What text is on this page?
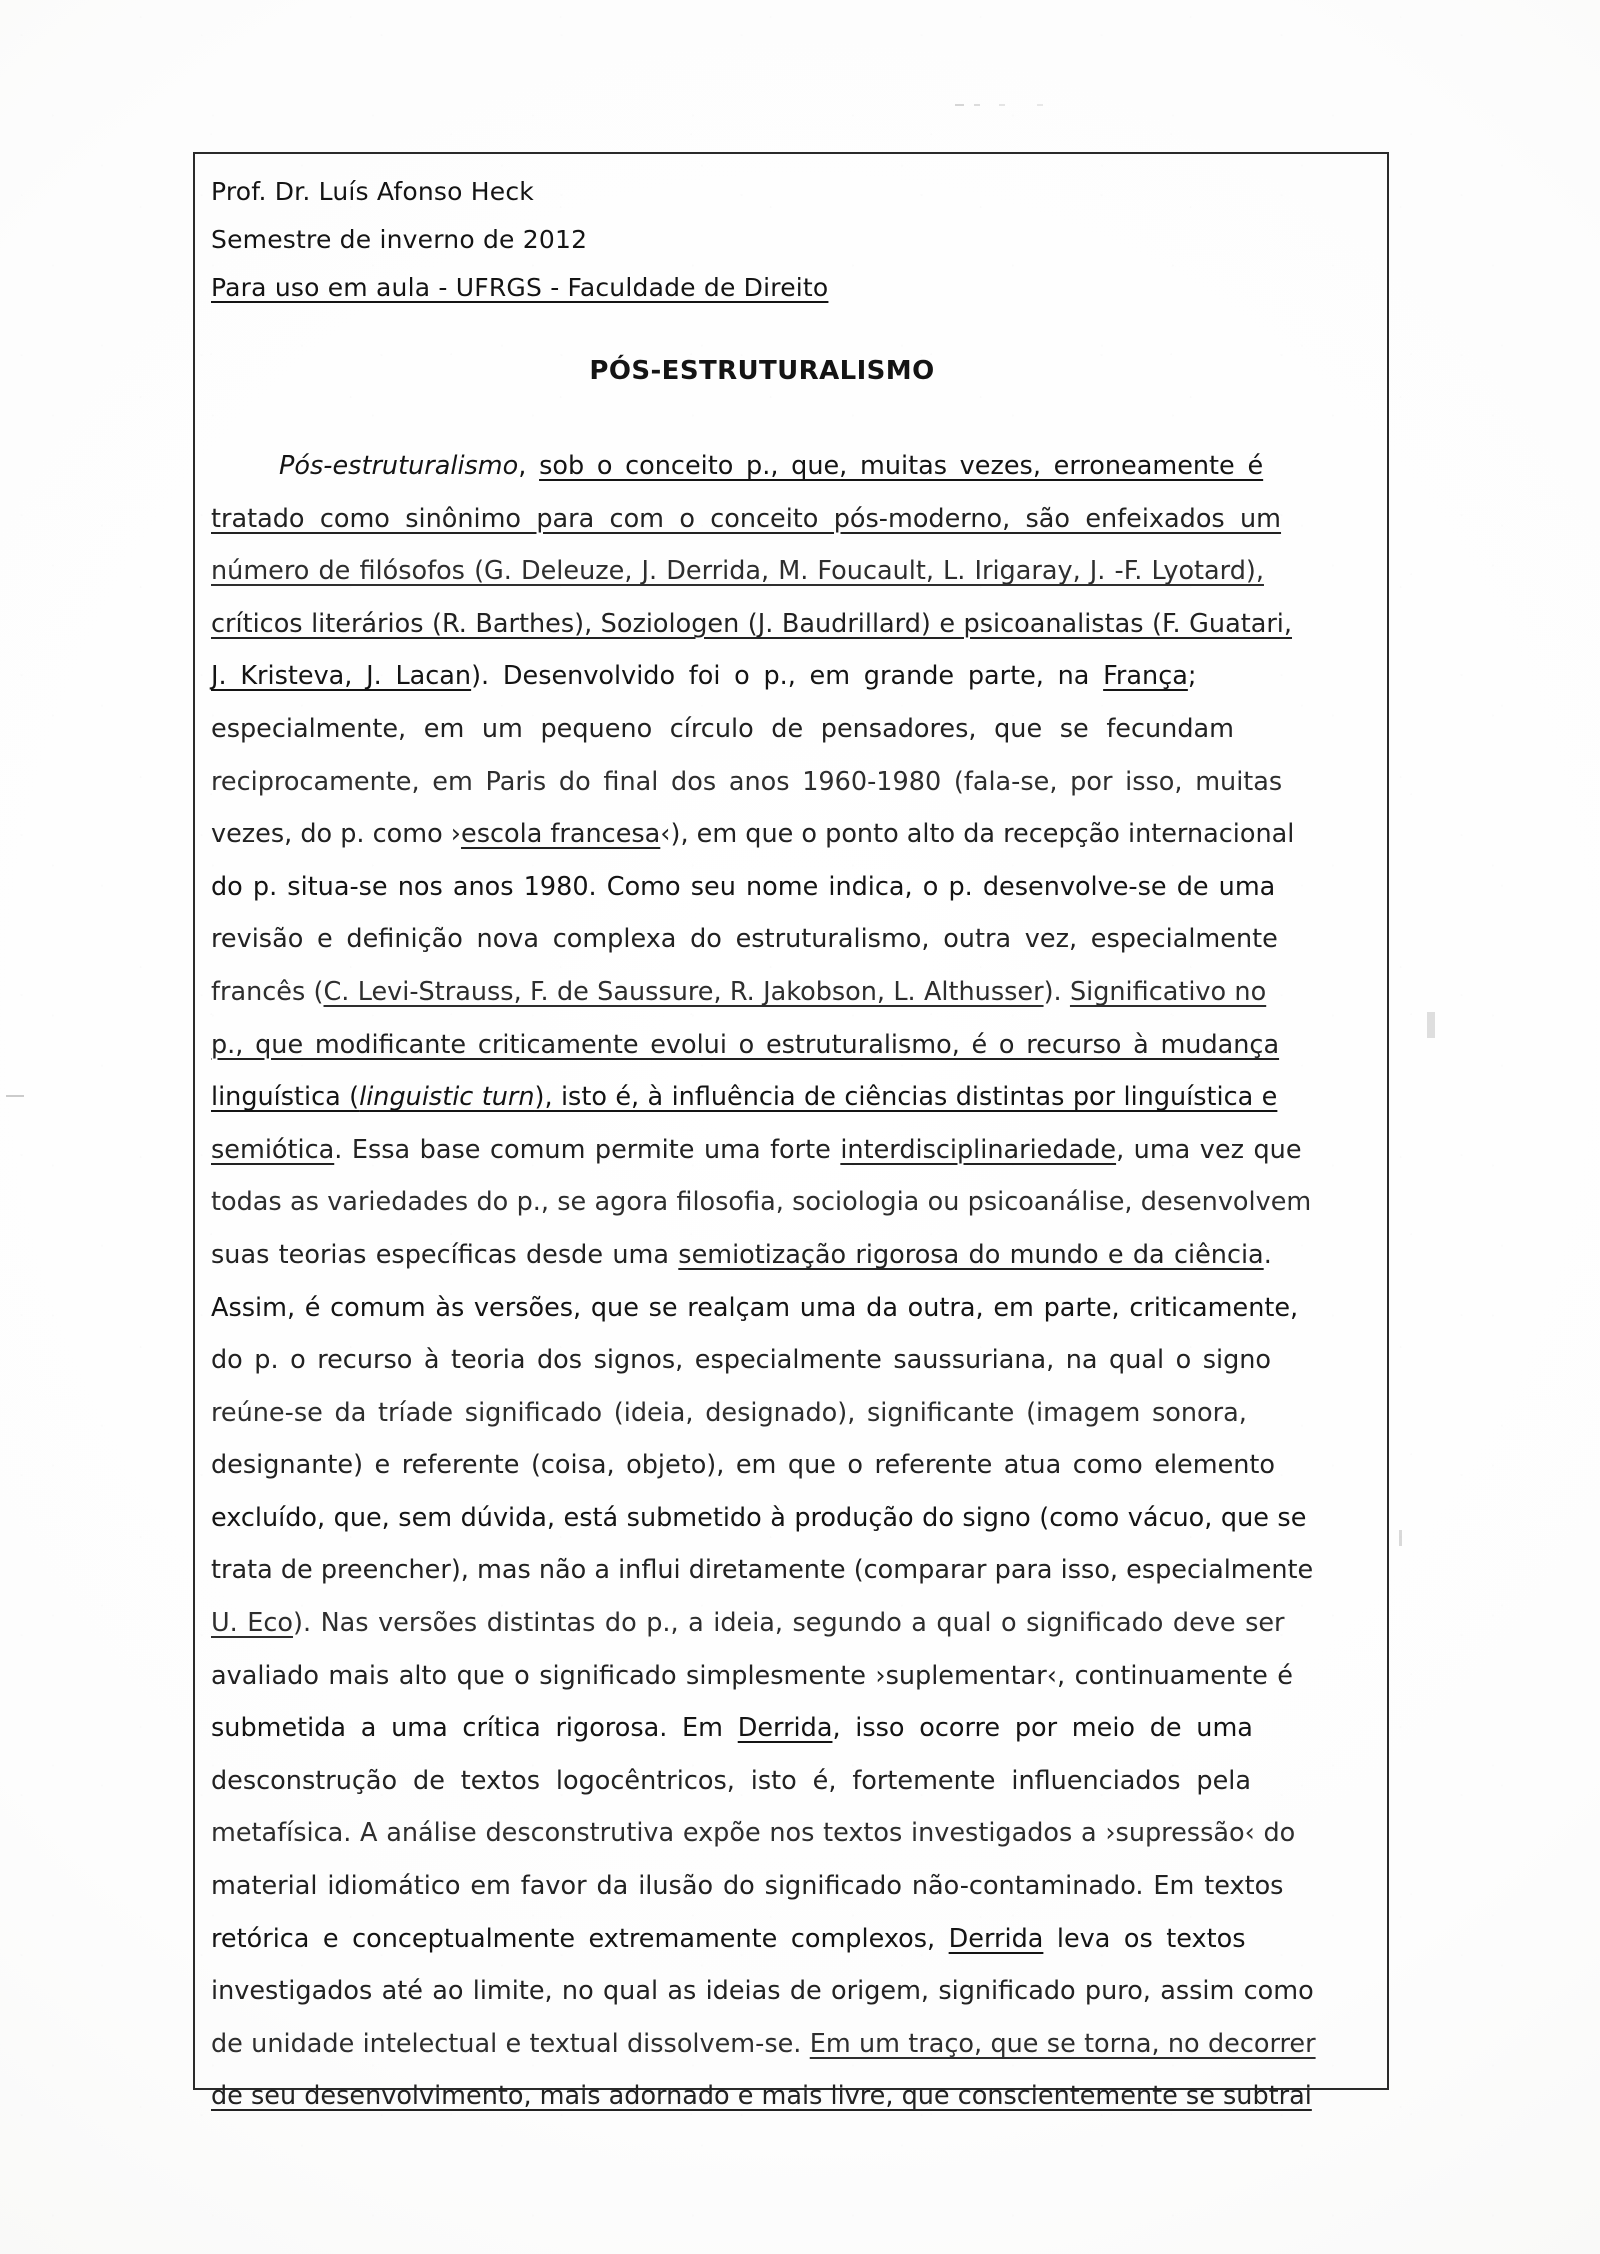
Prof. Dr. Luís Afonso Heck
Semestre de inverno de 2012
Para uso em aula - UFRGS - Faculdade de Direito
PÓS-ESTRUTURALISMO
Pós-estruturalismo, sob o conceito p., que, muitas vezes, erroneamente é
tratado como sinônimo para com o conceito pós-moderno, são enfeixados um
número de filósofos (G. Deleuze, J. Derrida, M. Foucault, L. Irigaray, J. -F. Lyotard),
críticos literários (R. Barthes), Soziologen (J. Baudrillard) e psicoanalistas (F. Guatari,
J. Kristeva, J. Lacan). Desenvolvido foi o p., em grande parte, na França;
especialmente, em um pequeno círculo de pensadores, que se fecundam
reciprocamente, em Paris do final dos anos 1960-1980 (fala-se, por isso, muitas
vezes, do p. como ›escola francesa‹), em que o ponto alto da recepção internacional
do p. situa-se nos anos 1980. Como seu nome indica, o p. desenvolve-se de uma
revisão e definição nova complexa do estruturalismo, outra vez, especialmente
francês (C. Levi-Strauss, F. de Saussure, R. Jakobson, L. Althusser). Significativo no
p., que modificante criticamente evolui o estruturalismo, é o recurso à mudança
linguística (linguistic turn), isto é, à influência de ciências distintas por linguística e
semiótica. Essa base comum permite uma forte interdisciplinariedade, uma vez que
todas as variedades do p., se agora filosofia, sociologia ou psicoanálise, desenvolvem
suas teorias específicas desde uma semiotização rigorosa do mundo e da ciência.
Assim, é comum às versões, que se realçam uma da outra, em parte, criticamente,
do p. o recurso à teoria dos signos, especialmente saussuriana, na qual o signo
reúne-se da tríade significado (ideia, designado), significante (imagem sonora,
designante) e referente (coisa, objeto), em que o referente atua como elemento
excluído, que, sem dúvida, está submetido à produção do signo (como vácuo, que se
trata de preencher), mas não a influi diretamente (comparar para isso, especialmente
U. Eco). Nas versões distintas do p., a ideia, segundo a qual o significado deve ser
avaliado mais alto que o significado simplesmente ›suplementar‹, continuamente é
submetida a uma crítica rigorosa. Em Derrida, isso ocorre por meio de uma
desconstrução de textos logocêntricos, isto é, fortemente influenciados pela
metafísica. A análise desconstrutiva expõe nos textos investigados a ›supressão‹ do
material idiomático em favor da ilusão do significado não-contaminado. Em textos
retórica e conceptualmente extremamente complexos, Derrida leva os textos
investigados até ao limite, no qual as ideias de origem, significado puro, assim como
de unidade intelectual e textual dissolvem-se. Em um traço, que se torna, no decorrer
de seu desenvolvimento, mais adornado e mais livre, que conscientemente se subtrai
